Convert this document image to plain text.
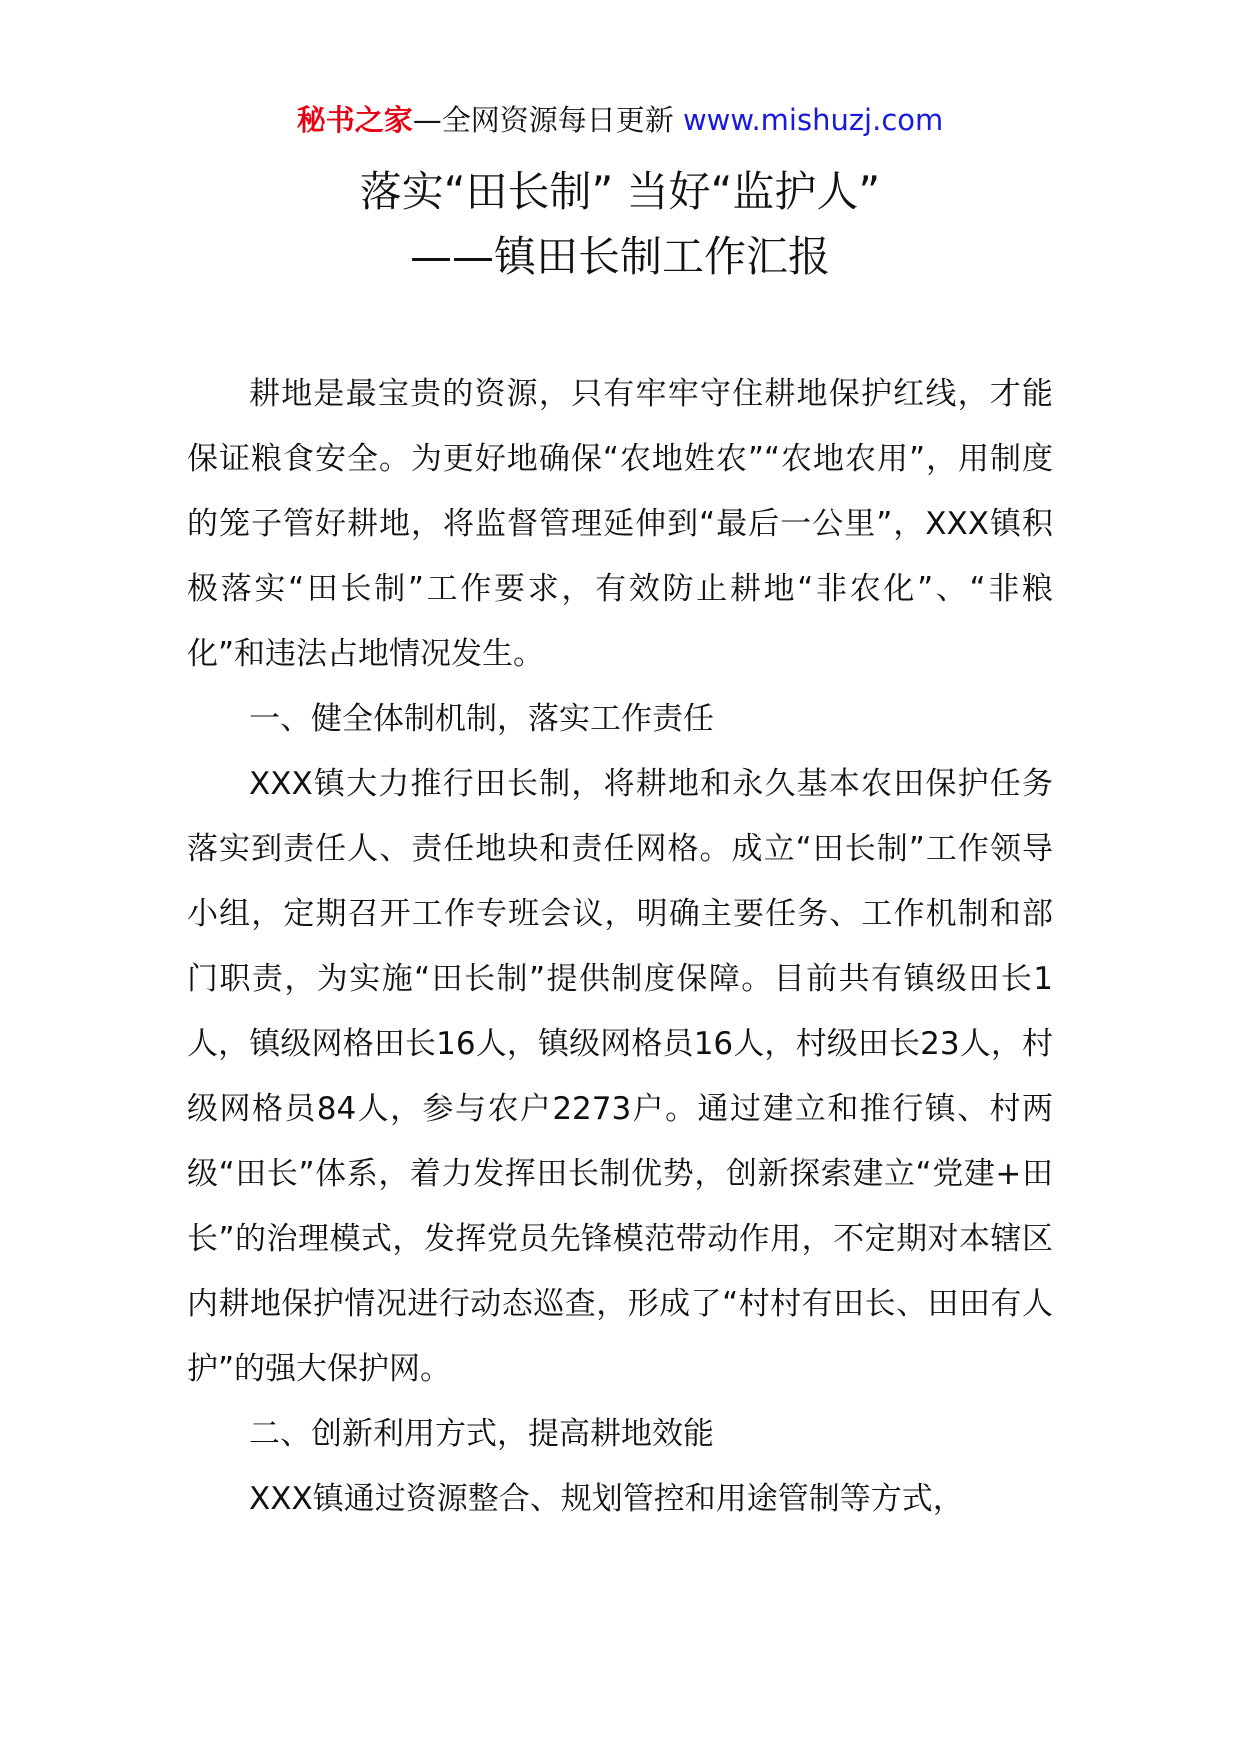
秘书之家—全网资源每日更新 www.mishuzj.com
落实“田长制” 当好“监护人”
——镇田长制工作汇报

耕地是最宝贵的资源，只有牢牢守住耕地保护红线，才能保证粮食安全。为更好地确保“农地姓农”“农地农用”，用制度的笼子管好耕地，将监督管理延伸到“最后一公里”，XXX镇积极落实“田长制”工作要求，有效防止耕地“非农化”、“非粮化”和违法占地情况发生。

一、健全体制机制，落实工作责任

XXX镇大力推行田长制，将耕地和永久基本农田保护任务落实到责任人、责任地块和责任网格。成立“田长制”工作领导小组，定期召开工作专班会议，明确主要任务、工作机制和部门职责，为实施“田长制”提供制度保障。目前共有镇级田长1人，镇级网格田长16人，镇级网格员16人，村级田长23人，村级网格员84人，参与农户2273户。通过建立和推行镇、村两级“田长”体系，着力发挥田长制优势，创新探索建立“党建+田长”的治理模式，发挥党员先锋模范带动作用，不定期对本辖区内耕地保护情况进行动态巡查，形成了“村村有田长、田田有人护”的强大保护网。

二、创新利用方式，提高耕地效能

XXX镇通过资源整合、规划管控和用途管制等方式，
